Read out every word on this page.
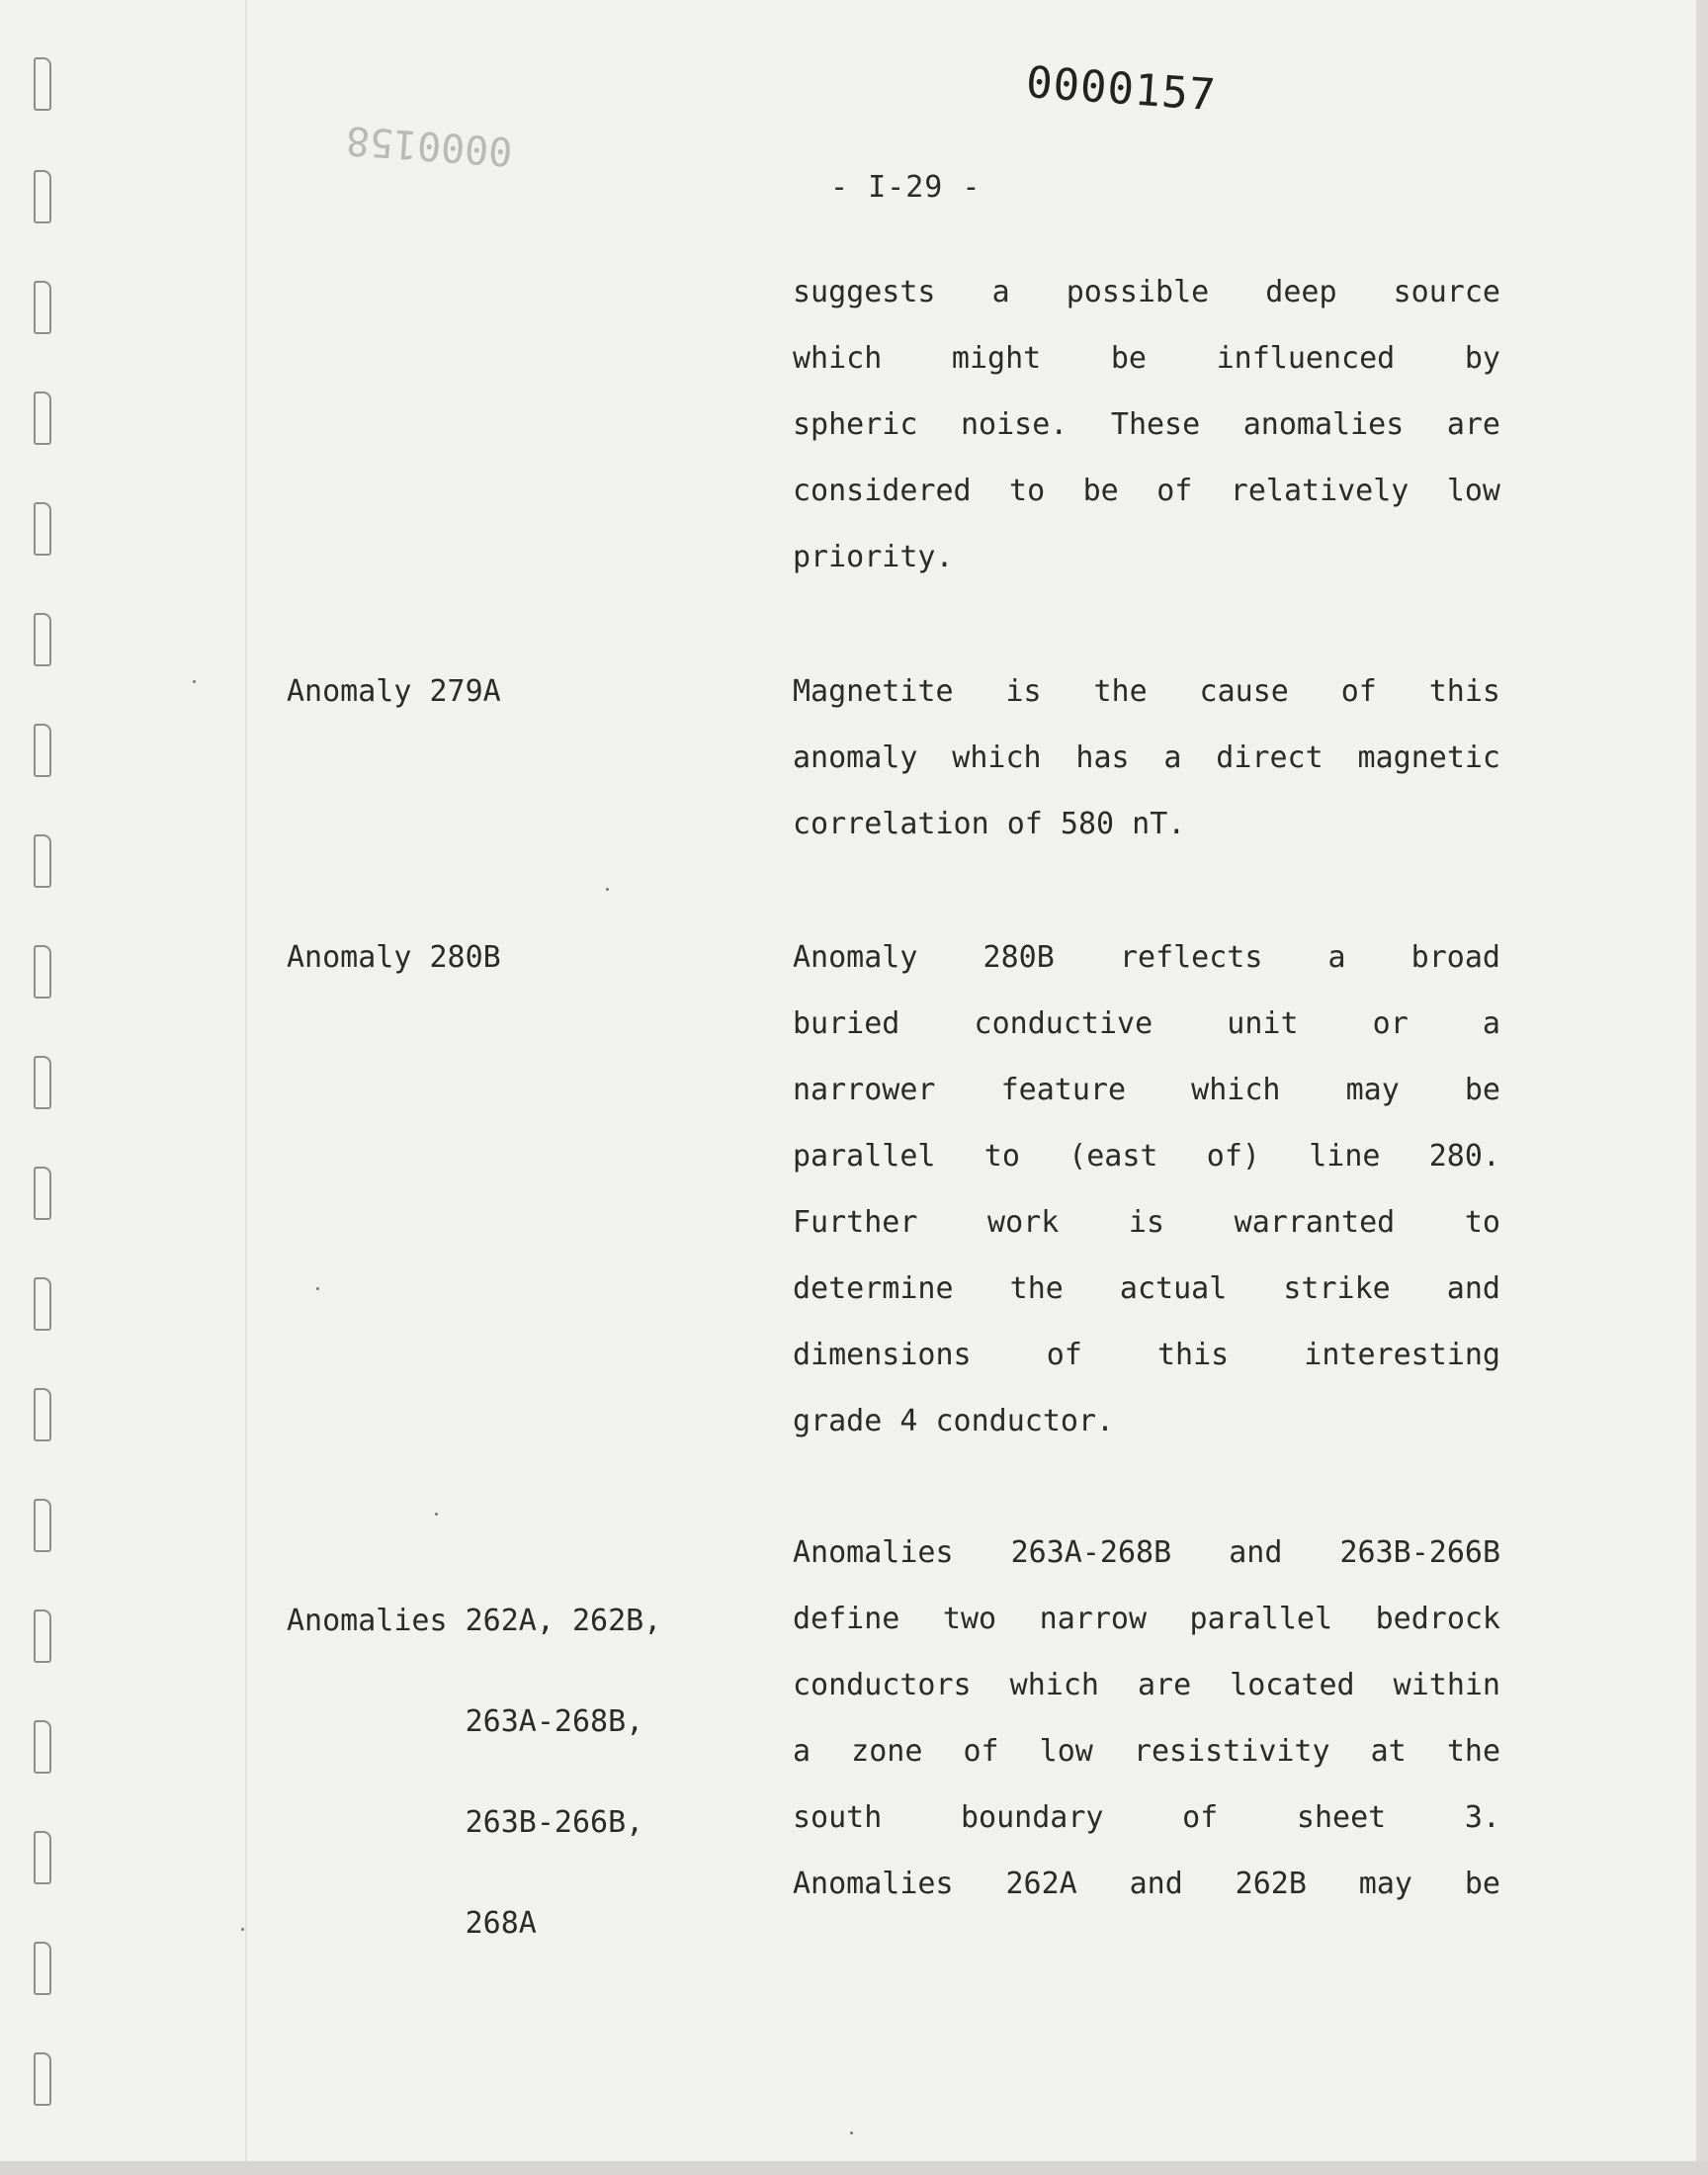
0000157
0000158
- I-29 -
suggests a possible deep source
which might be influenced by
spheric noise. These anomalies are
considered to be of relatively low
priority.
Anomaly 279A	Magnetite is the cause of this
anomaly which has a direct magnetic
correlation of 580 nT.
Anomaly 280B	Anomaly 280B reflects a broad
buried conductive unit or a
narrower feature which may be
parallel to (east of) line 280.
Further work is warranted to
determine the actual strike and
dimensions of this interesting
grade 4 conductor.

Anomalies 262A, 262B,

263A-268B,

263B-266B,

268A

Anomalies 263A-268B and 263B-266B
define two narrow parallel bedrock
conductors which are located within
a zone of low resistivity at the
south boundary of sheet 3.
Anomalies 262A and 262B may be
